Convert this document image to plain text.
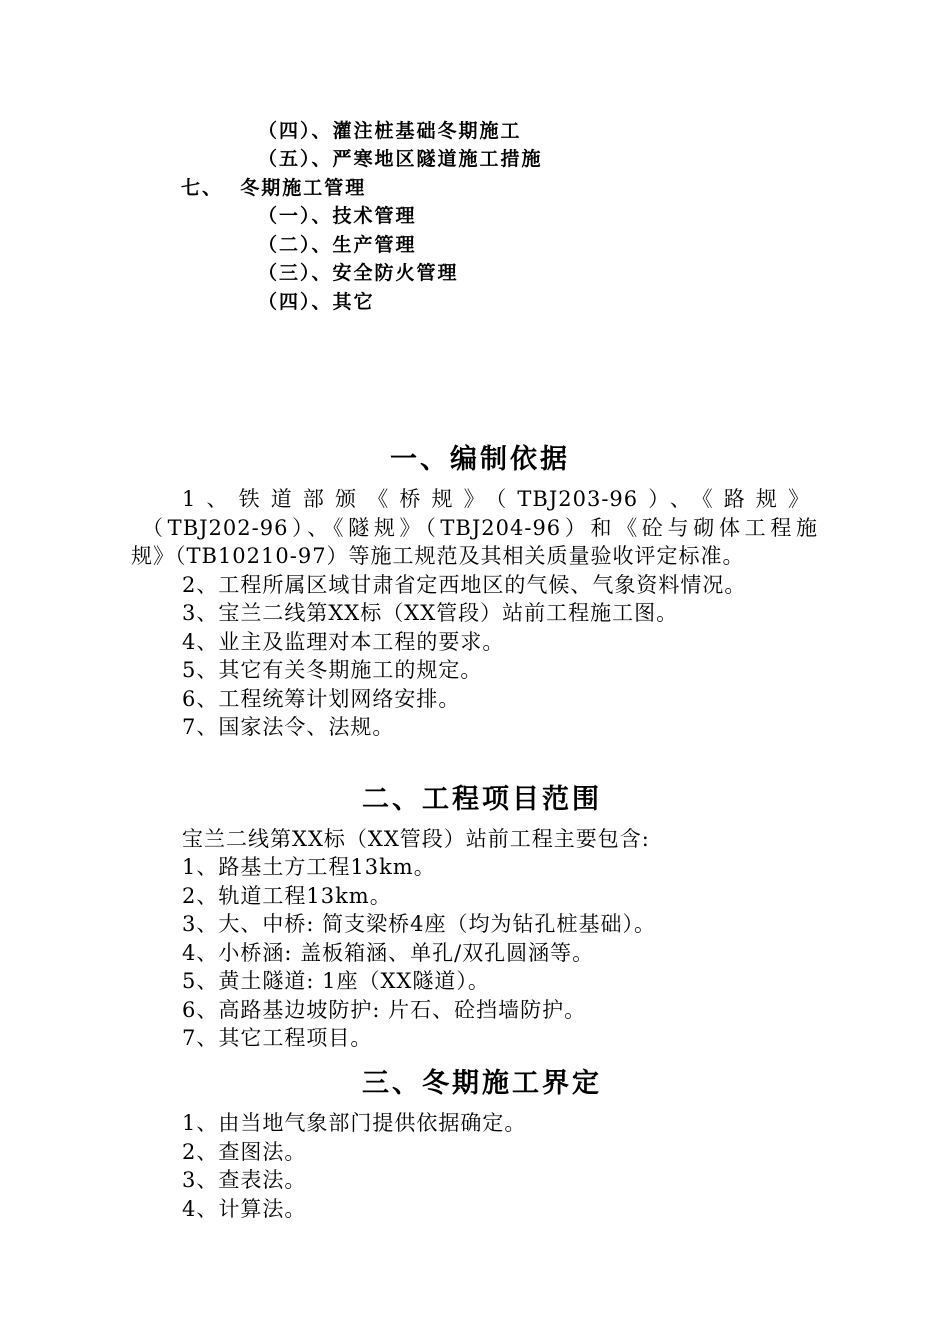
（四）、灌注桩基础冬期施工
（五）、严寒地区隧道施工措施
七、  冬期施工管理
（一）、技术管理
（二）、生产管理
（三）、安全防火管理
（四）、其它
一、编制依据
1、铁道部颁《桥规》（TBJ203-96）、《路规》
（TBJ202-96）、《隧规》（TBJ204-96）和《砼与砌体工程施
规》（TB10210-97）等施工规范及其相关质量验收评定标准。
2、工程所属区域甘肃省定西地区的气候、气象资料情况。
3、宝兰二线第XX标（XX管段）站前工程施工图。
4、业主及监理对本工程的要求。
5、其它有关冬期施工的规定。
6、工程统筹计划网络安排。
7、国家法令、法规。
二、工程项目范围
宝兰二线第XX标（XX管段）站前工程主要包含:
1、路基土方工程13km。
2、轨道工程13km。
3、大、中桥: 简支梁桥4座（均为钻孔桩基础）。
4、小桥涵: 盖板箱涵、单孔/双孔圆涵等。
5、黄土隧道: 1座（XX隧道）。
6、高路基边坡防护: 片石、砼挡墙防护。
7、其它工程项目。
三、冬期施工界定
1、由当地气象部门提供依据确定。
2、查图法。
3、查表法。
4、计算法。
